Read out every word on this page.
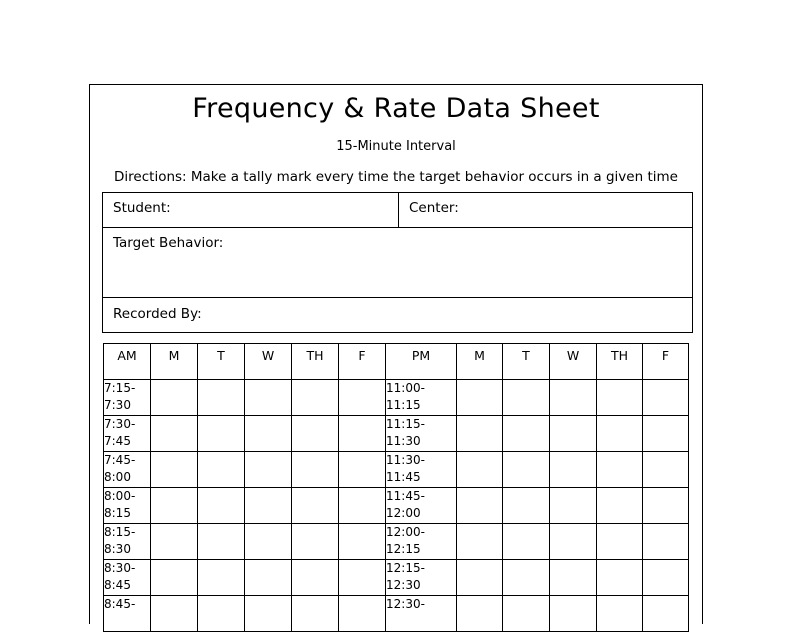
Frequency & Rate Data Sheet
15-Minute Interval
Directions: Make a tally mark every time the target behavior occurs in a given time
Student:	Center:
Target Behavior:
Recorded By:
AM	M	T	W	TH	F	PM	M	T	W	TH	F

7:15-
7:30						11:00-
11:15					

7:30-
7:45						11:15-
11:30					

7:45-
8:00						11:30-
11:45					

8:00-
8:15						11:45-
12:00					

8:15-
8:30						12:00-
12:15					

8:30-
8:45						12:15-
12:30					

8:45-						12:30-					
